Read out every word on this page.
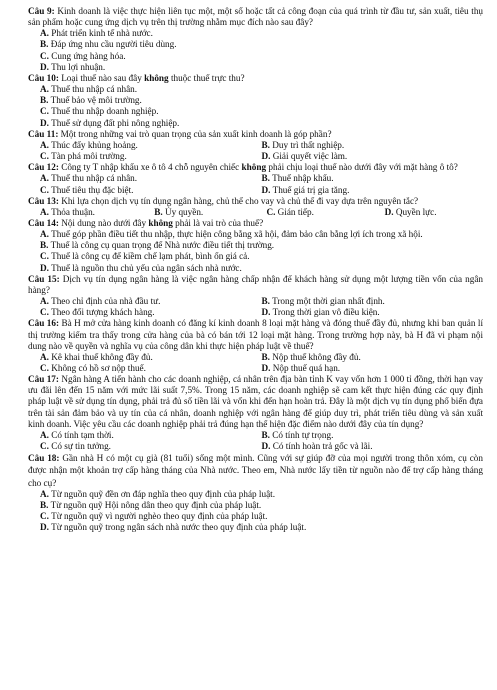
Câu 9: Kinh doanh là việc thực hiện liên tục một, một số hoặc tất cả công đoạn của quá trình từ đầu tư, sản xuất, tiêu thụ sản phẩm hoặc cung ứng dịch vụ trên thị trường nhằm mục đích nào sau đây?
A. Phát triển kinh tế nhà nước.
B. Đáp ứng nhu cầu người tiêu dùng.
C. Cung ứng hàng hóa.
D. Thu lợi nhuận.
Câu 10: Loại thuế nào sau đây không thuộc thuế trực thu?
A. Thuế thu nhập cá nhân.
B. Thuế bảo vệ môi trường.
C. Thuế thu nhập doanh nghiệp.
D. Thuế sử dụng đất phi nông nghiệp.
Câu 11: Một trong những vai trò quan trọng của sản xuất kinh doanh là góp phần?
A. Thúc đẩy khủng hoảng.	B. Duy trì thất nghiệp.
C. Tàn phá môi trường.	D. Giải quyết việc làm.
Câu 12: Công ty T nhập khẩu xe ô tô 4 chỗ nguyên chiếc không phải chịu loại thuế nào dưới đây với mặt hàng ô tô?
A. Thuế thu nhập cá nhân.	B. Thuế nhập khẩu.
C. Thuế tiêu thụ đặc biệt.	D. Thuế giá trị gia tăng.
Câu 13: Khi lựa chọn dịch vụ tín dụng ngân hàng, chủ thể cho vay và chủ thể đi vay dựa trên nguyên tắc?
A. Thỏa thuận.	B. Ủy quyền.	C. Gián tiếp.	D. Quyền lực.
Câu 14: Nội dung nào dưới đây không phải là vai trò của thuế?
A. Thuế góp phần điều tiết thu nhập, thực hiện công bằng xã hội, đảm bảo cân bằng lợi ích trong xã hội.
B. Thuế là công cụ quan trọng để Nhà nước điều tiết thị trường.
C. Thuế là công cụ để kiềm chế lạm phát, bình ổn giá cả.
D. Thuế là nguồn thu chủ yếu của ngân sách nhà nước.
Câu 15: Dịch vụ tín dụng ngân hàng là việc ngân hàng chấp nhận để khách hàng sử dụng một lượng tiền vốn của ngân hàng?
A. Theo chỉ định của nhà đầu tư.	B. Trong một thời gian nhất định.
C. Theo đối tượng khách hàng.	D. Trong thời gian vô điều kiện.
Câu 16: Bà H mở cửa hàng kinh doanh có đăng kí kinh doanh 8 loại mặt hàng và đóng thuế đầy đủ, nhưng khi ban quản lí thị trường kiểm tra thấy trong cửa hàng của bà có bán tới 12 loại mặt hàng. Trong trường hợp này, bà H đã vi phạm nội dung nào về quyền và nghĩa vụ của công dân khi thực hiện pháp luật về thuế?
A. Kê khai thuế không đầy đủ.	B. Nộp thuế không đầy đủ.
C. Không có hồ sơ nộp thuế.	D. Nộp thuế quá hạn.
Câu 17: Ngân hàng A tiến hành cho các doanh nghiệp, cá nhân trên địa bàn tỉnh K vay vốn hơn 1 000 tỉ đồng, thời hạn vay ưu đãi lên đến 15 năm với mức lãi suất 7,5%. Trong 15 năm, các doanh nghiệp sẽ cam kết thực hiện đúng các quy định pháp luật về sử dụng tín dụng, phải trả đủ số tiền lãi và vốn khi đến hạn hoàn trả. Đây là một dịch vụ tín dụng phổ biến đựa trên tài sản đảm bảo và uy tín của cá nhân, doanh nghiệp với ngân hàng để giúp duy trì, phát triển tiêu dùng và sản xuất kinh doanh. Việc yêu cầu các doanh nghiệp phải trả đúng hạn thể hiện đặc điểm nào dưới đây của tín dụng?
A. Có tính tạm thời.	B. Có tính tự trọng.
C. Có sự tin tưởng.	D. Có tính hoàn trả gốc và lãi.
Câu 18: Gần nhà H có một cụ già (81 tuổi) sống một mình. Cũng với sự giúp đỡ của mọi người trong thôn xóm, cụ còn được nhận một khoản trợ cấp hàng tháng của Nhà nước. Theo em, Nhà nước lấy tiền từ nguồn nào để trợ cấp hàng tháng cho cụ?
A. Từ nguồn quỹ đền ơn đáp nghĩa theo quy định của pháp luật.
B. Từ nguồn quỹ Hội nông dân theo quy định của pháp luật.
C. Từ nguồn quỹ vì người nghèo theo quy định của pháp luật.
D. Từ nguồn quỹ trong ngân sách nhà nước theo quy định của pháp luật.
